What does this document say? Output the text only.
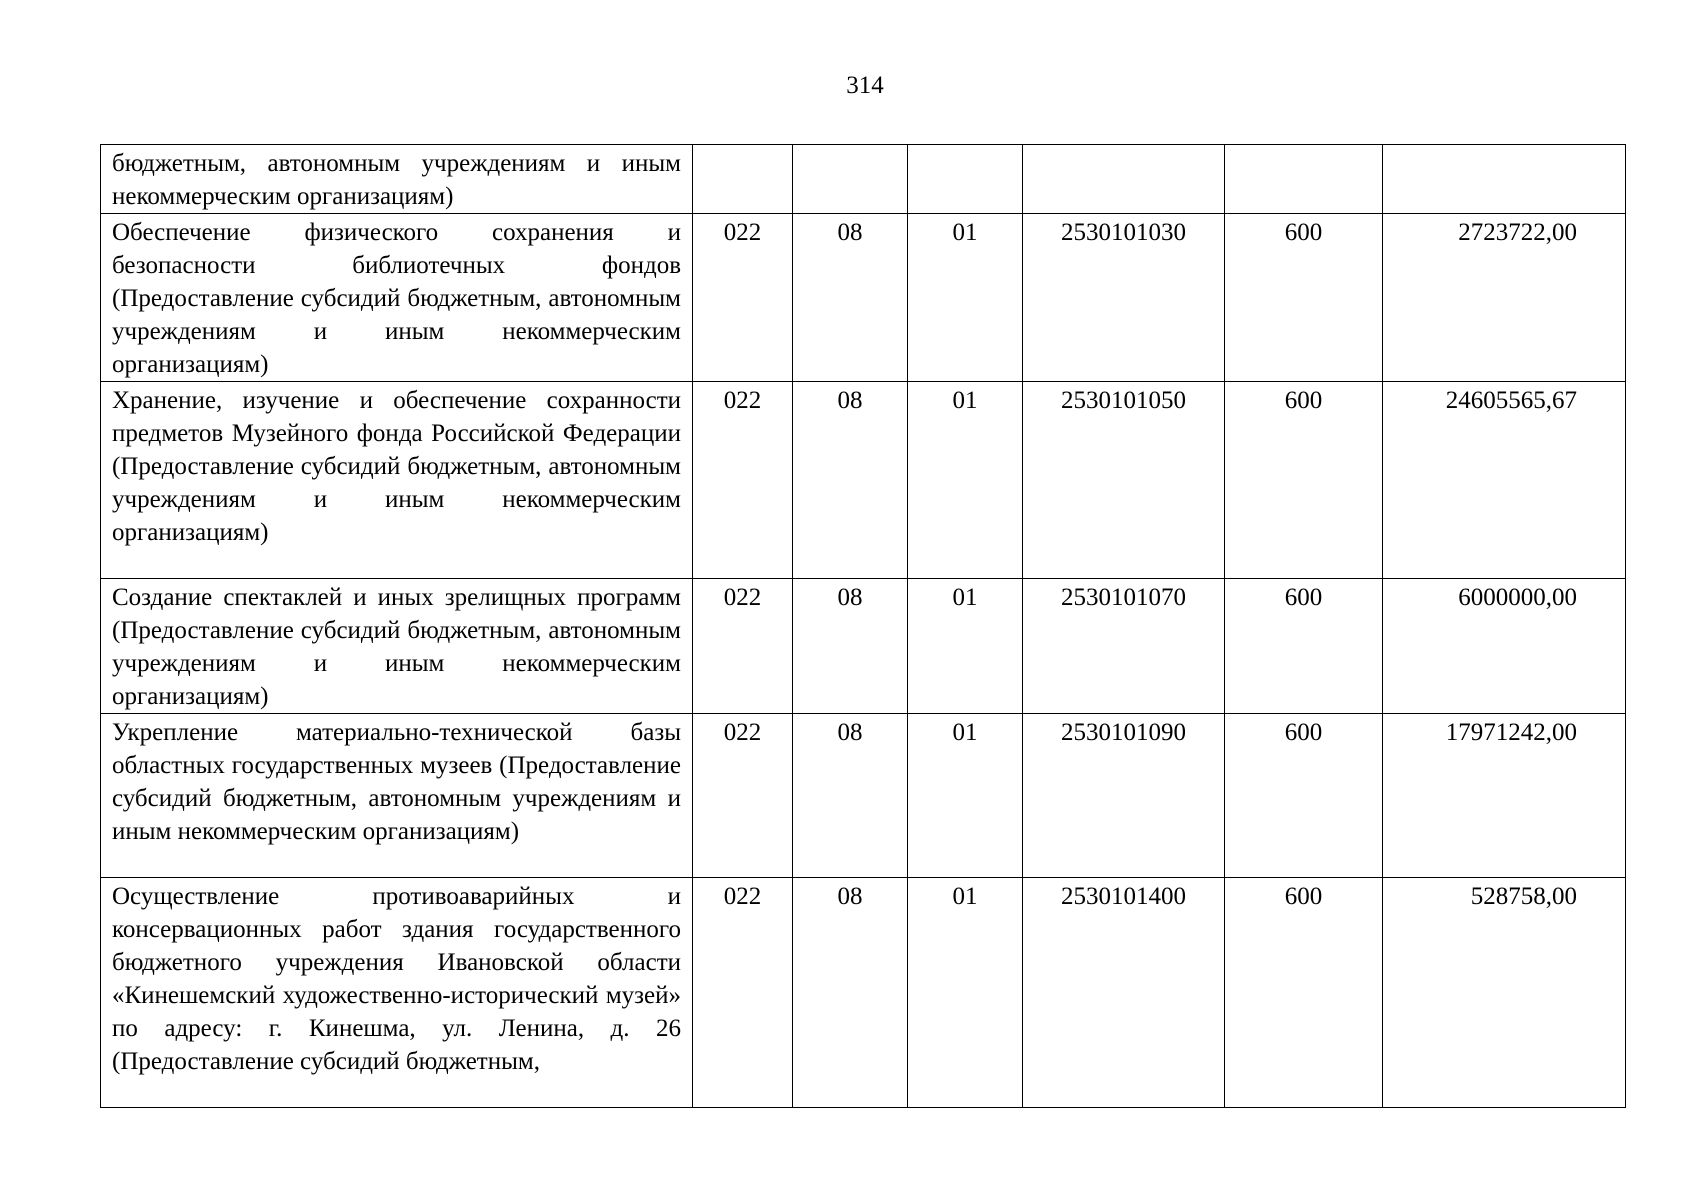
314
бюджетным, автономным учреждениям и иным некоммерческим организациям)						
Обеспечение физического сохранения и безопасности библиотечных фондов (Предоставление субсидий бюджетным, автономным учреждениям и иным некоммерческим организациям)	022	08	01	2530101030	600	2723722,00
Хранение, изучение и обеспечение сохранности предметов Музейного фонда Российской Федерации (Предоставление субсидий бюджетным, автономным учреждениям и иным некоммерческим организациям)	022	08	01	2530101050	600	24605565,67
Создание спектаклей и иных зрелищных программ (Предоставление субсидий бюджетным, автономным учреждениям и иным некоммерческим организациям)	022	08	01	2530101070	600	6000000,00
Укрепление материально-технической базы областных государственных музеев (Предоставление субсидий бюджетным, автономным учреждениям и иным некоммерческим организациям)	022	08	01	2530101090	600	17971242,00
Осуществление противоаварийных и консервационных работ здания государственного бюджетного учреждения Ивановской области «Кинешемский художественно-исторический музей» по адресу: г. Кинешма, ул. Ленина, д. 26 (Предоставление субсидий бюджетным,	022	08	01	2530101400	600	528758,00
